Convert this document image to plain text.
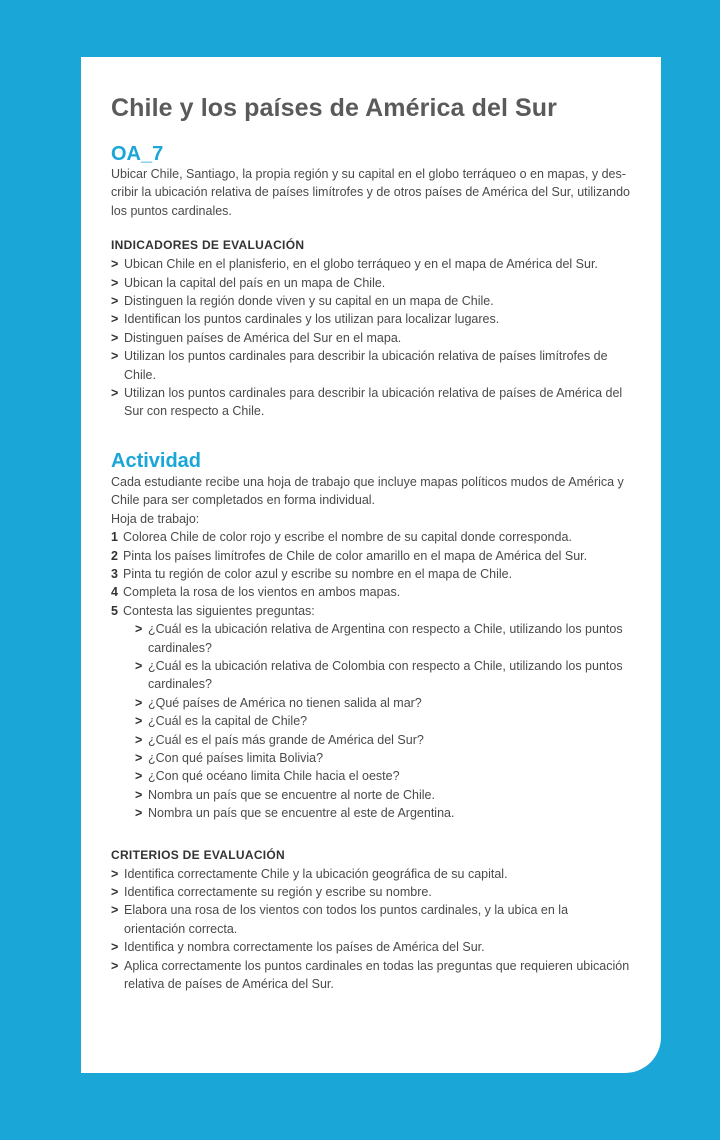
Chile y los países de América del Sur
OA_7

Ubicar Chile, Santiago, la propia región y su capital en el globo terráqueo o en mapas, y des-cribir la ubicación relativa de países limítrofes y de otros países de América del Sur, utilizando los puntos cardinales.

INDICADORES DE EVALUACIÓN
> Ubican Chile en el planisferio, en el globo terráqueo y en el mapa de América del Sur.
> Ubican la capital del país en un mapa de Chile.
> Distinguen la región donde viven y su capital en un mapa de Chile.
> Identifican los puntos cardinales y los utilizan para localizar lugares.
> Distinguen países de América del Sur en el mapa.
> Utilizan los puntos cardinales para describir la ubicación relativa de países limítrofes de Chile.
> Utilizan los puntos cardinales para describir la ubicación relativa de países de América del Sur con respecto a Chile.
Actividad

Cada estudiante recibe una hoja de trabajo que incluye mapas políticos mudos de América y Chile para ser completados en forma individual.

Hoja de trabajo:

1 Colorea Chile de color rojo y escribe el nombre de su capital donde corresponda.
2 Pinta los países limítrofes de Chile de color amarillo en el mapa de América del Sur.
3 Pinta tu región de color azul y escribe su nombre en el mapa de Chile.
4 Completa la rosa de los vientos en ambos mapas.
5 Contesta las siguientes preguntas:
> ¿Cuál es la ubicación relativa de Argentina con respecto a Chile, utilizando los puntos cardinales?
> ¿Cuál es la ubicación relativa de Colombia con respecto a Chile, utilizando los puntos cardinales?
> ¿Qué países de América no tienen salida al mar?
> ¿Cuál es la capital de Chile?
> ¿Cuál es el país más grande de América del Sur?
> ¿Con qué países limita Bolivia?
> ¿Con qué océano limita Chile hacia el oeste?
> Nombra un país que se encuentre al norte de Chile.
> Nombra un país que se encuentre al este de Argentina.
CRITERIOS DE EVALUACIÓN
> Identifica correctamente Chile y la ubicación geográfica de su capital.
> Identifica correctamente su región y escribe su nombre.
> Elabora una rosa de los vientos con todos los puntos cardinales, y la ubica en la orientación correcta.
> Identifica y nombra correctamente los países de América del Sur.
> Aplica correctamente los puntos cardinales en todas las preguntas que requieren ubicación relativa de países de América del Sur.
